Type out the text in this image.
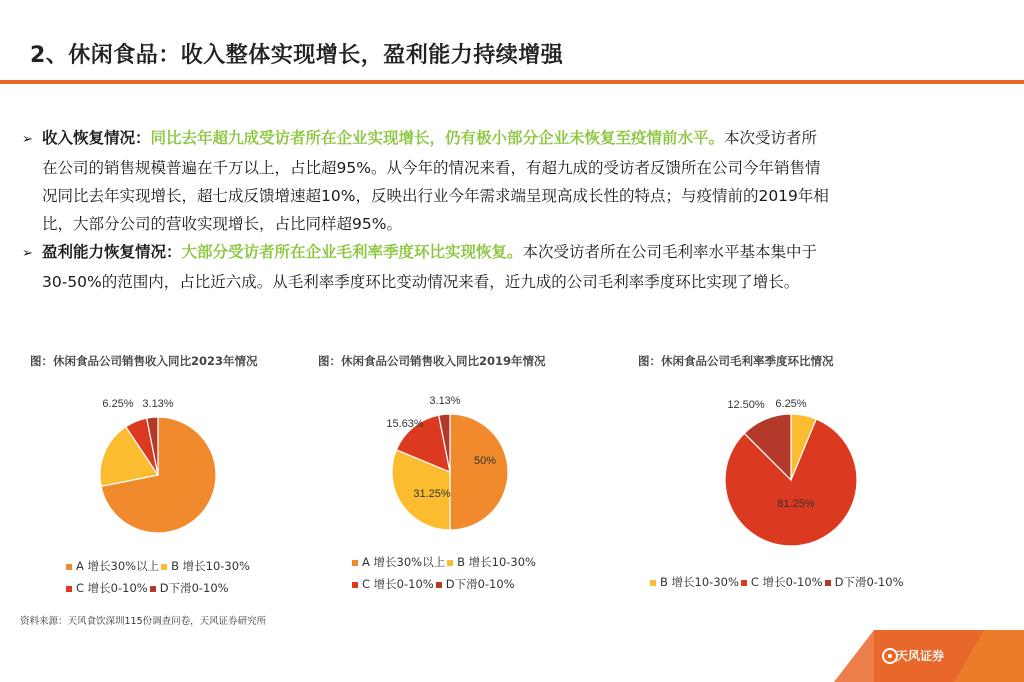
2、休闲食品：收入整体实现增长，盈利能力持续增强

➢ 收入恢复情况：同比去年超九成受访者所在企业实现增长，仍有极小部分企业未恢复至疫情前水平。本次受访者所
在公司的销售规模普遍在千万以上，占比超95%。从今年的情况来看，有超九成的受访者反馈所在公司今年销售情
况同比去年实现增长，超七成反馈增速超10%，反映出行业今年需求端呈现高成长性的特点；与疫情前的2019年相
比，大部分公司的营收实现增长，占比同样超95%。

➢ 盈利能力恢复情况：大部分受访者所在企业毛利率季度环比实现恢复。本次受访者所在公司毛利率水平基本集中于
30-50%的范围内，占比近六成。从毛利率季度环比变动情况来看，近九成的公司毛利率季度环比实现了增长。

图：休闲食品公司销售收入同比2023年情况
6.25% 3.13%
A 增长30%以上 B 增长10-30%
C 增长0-10% D下滑0-10%
图：休闲食品公司销售收入同比2019年情况
50%
31.25%
15.63%
3.13%
A 增长30%以上 B 增长10-30%
C 增长0-10% D下滑0-10%
图：休闲食品公司毛利率季度环比情况
6.25%
81.25%
12.50%
B 增长10-30% C 增长0-10% D下滑0-10%
资料来源：天风食饮深圳115份调查问卷，天风证券研究所
天风证券
